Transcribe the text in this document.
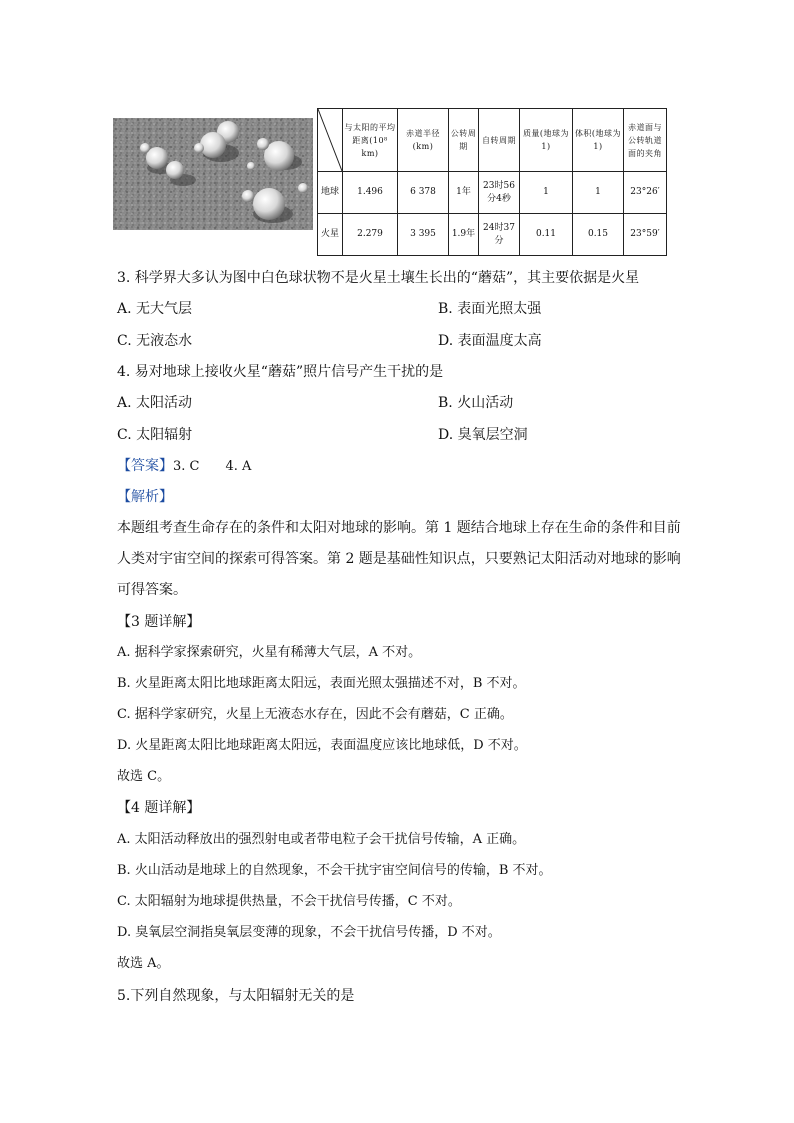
	与太阳的平均距离(10⁸ km)	赤道半径(km)	公转周期	自转周期	质量(地球为1)	体积(地球为1)	赤道面与公转轨道面的夹角
地球	1.496	6 378	1年	23时56分4秒	1	1	23°26′
火星	2.279	3 395	1.9年	24时37分	0.11	0.15	23°59′
3. 科学界大多认为图中白色球状物不是火星土壤生长出的“蘑菇”，其主要依据是火星
A. 无大气层	B. 表面光照太强
C. 无液态水	D. 表面温度太高
4. 易对地球上接收火星“蘑菇”照片信号产生干扰的是
A. 太阳活动	B. 火山活动
C. 太阳辐射	D. 臭氧层空洞
【答案】3. C　　4. A
【解析】
本题组考查生命存在的条件和太阳对地球的影响。第 1 题结合地球上存在生命的条件和目前
人类对宇宙空间的探索可得答案。第 2 题是基础性知识点，只要熟记太阳活动对地球的影响
可得答案。
【3 题详解】
A. 据科学家探索研究，火星有稀薄大气层，A 不对。
B. 火星距离太阳比地球距离太阳远，表面光照太强描述不对，B 不对。
C. 据科学家研究，火星上无液态水存在，因此不会有蘑菇，C 正确。
D. 火星距离太阳比地球距离太阳远，表面温度应该比地球低，D 不对。
故选 C。
【4 题详解】
A. 太阳活动释放出的强烈射电或者带电粒子会干扰信号传输，A 正确。
B. 火山活动是地球上的自然现象，不会干扰宇宙空间信号的传输，B 不对。
C. 太阳辐射为地球提供热量，不会干扰信号传播，C 不对。
D. 臭氧层空洞指臭氧层变薄的现象，不会干扰信号传播，D 不对。
故选 A。
5.下列自然现象，与太阳辐射无关的是
